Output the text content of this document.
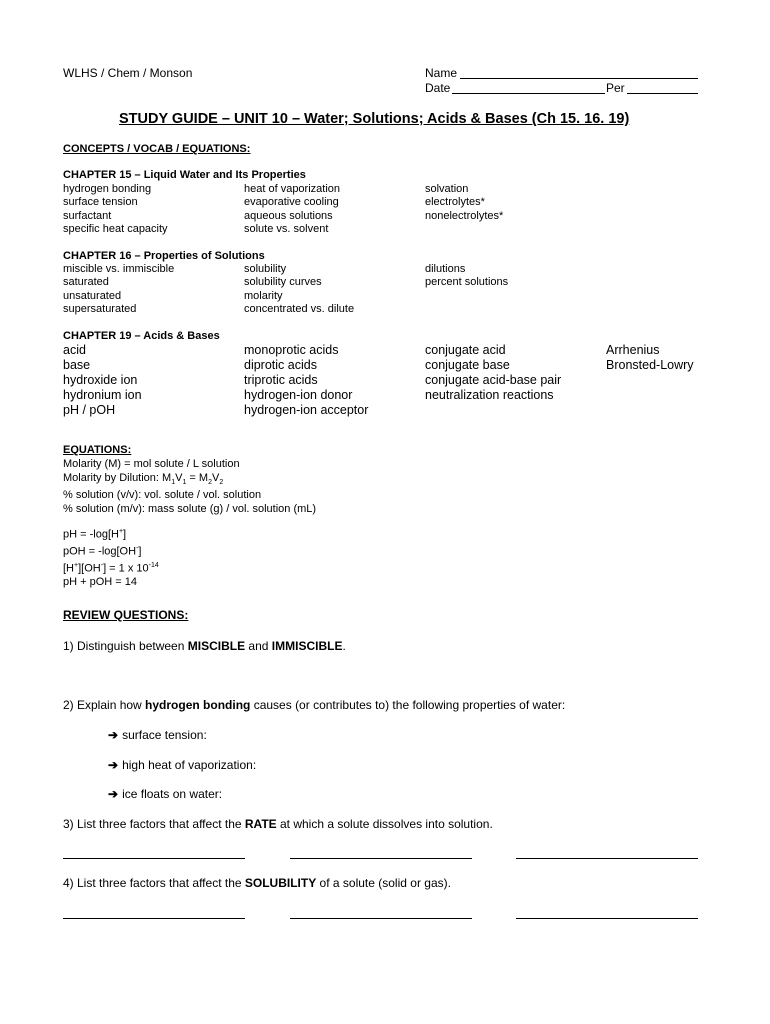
WLHS / Chem / Monson	Name
Date	Per
STUDY GUIDE – UNIT 10 – Water; Solutions; Acids & Bases (Ch 15. 16. 19)
CONCEPTS / VOCAB / EQUATIONS:
CHAPTER 15 – Liquid Water and Its Properties
hydrogen bonding
surface tension
surfactant
specific heat capacity
heat of vaporization
evaporative cooling
aqueous solutions
solute vs. solvent
solvation
electrolytes*
nonelectrolytes*
CHAPTER 16 – Properties of Solutions
miscible vs. immiscible
saturated
unsaturated
supersaturated
solubility
solubility curves
molarity
concentrated vs. dilute
dilutions
percent solutions
CHAPTER 19 – Acids & Bases
acid
base
hydroxide ion
hydronium ion
pH / pOH
monoprotic acids
diprotic acids
triprotic acids
hydrogen-ion donor
hydrogen-ion acceptor
conjugate acid
conjugate base
conjugate acid-base pair
neutralization reactions
Arrhenius
Bronsted-Lowry
EQUATIONS:
Molarity (M) = mol solute / L solution
Molarity by Dilution: $M_1V_1 = M_2V_2$
% solution (v/v): vol. solute / vol. solution
% solution (m/v): mass solute (g) / vol. solution (mL)
pH = -log[H+]
pOH = -log[OH-]
[H+][OH-] = 1 x $10^{-14}$
pH + pOH = 14
REVIEW QUESTIONS:
1) Distinguish between MISCIBLE and IMMISCIBLE.
2) Explain how hydrogen bonding causes (or contributes to) the following properties of water:
➔ surface tension:
➔ high heat of vaporization:
➔ ice floats on water:
3) List three factors that affect the RATE at which a solute dissolves into solution.
4) List three factors that affect the SOLUBILITY of a solute (solid or gas).
